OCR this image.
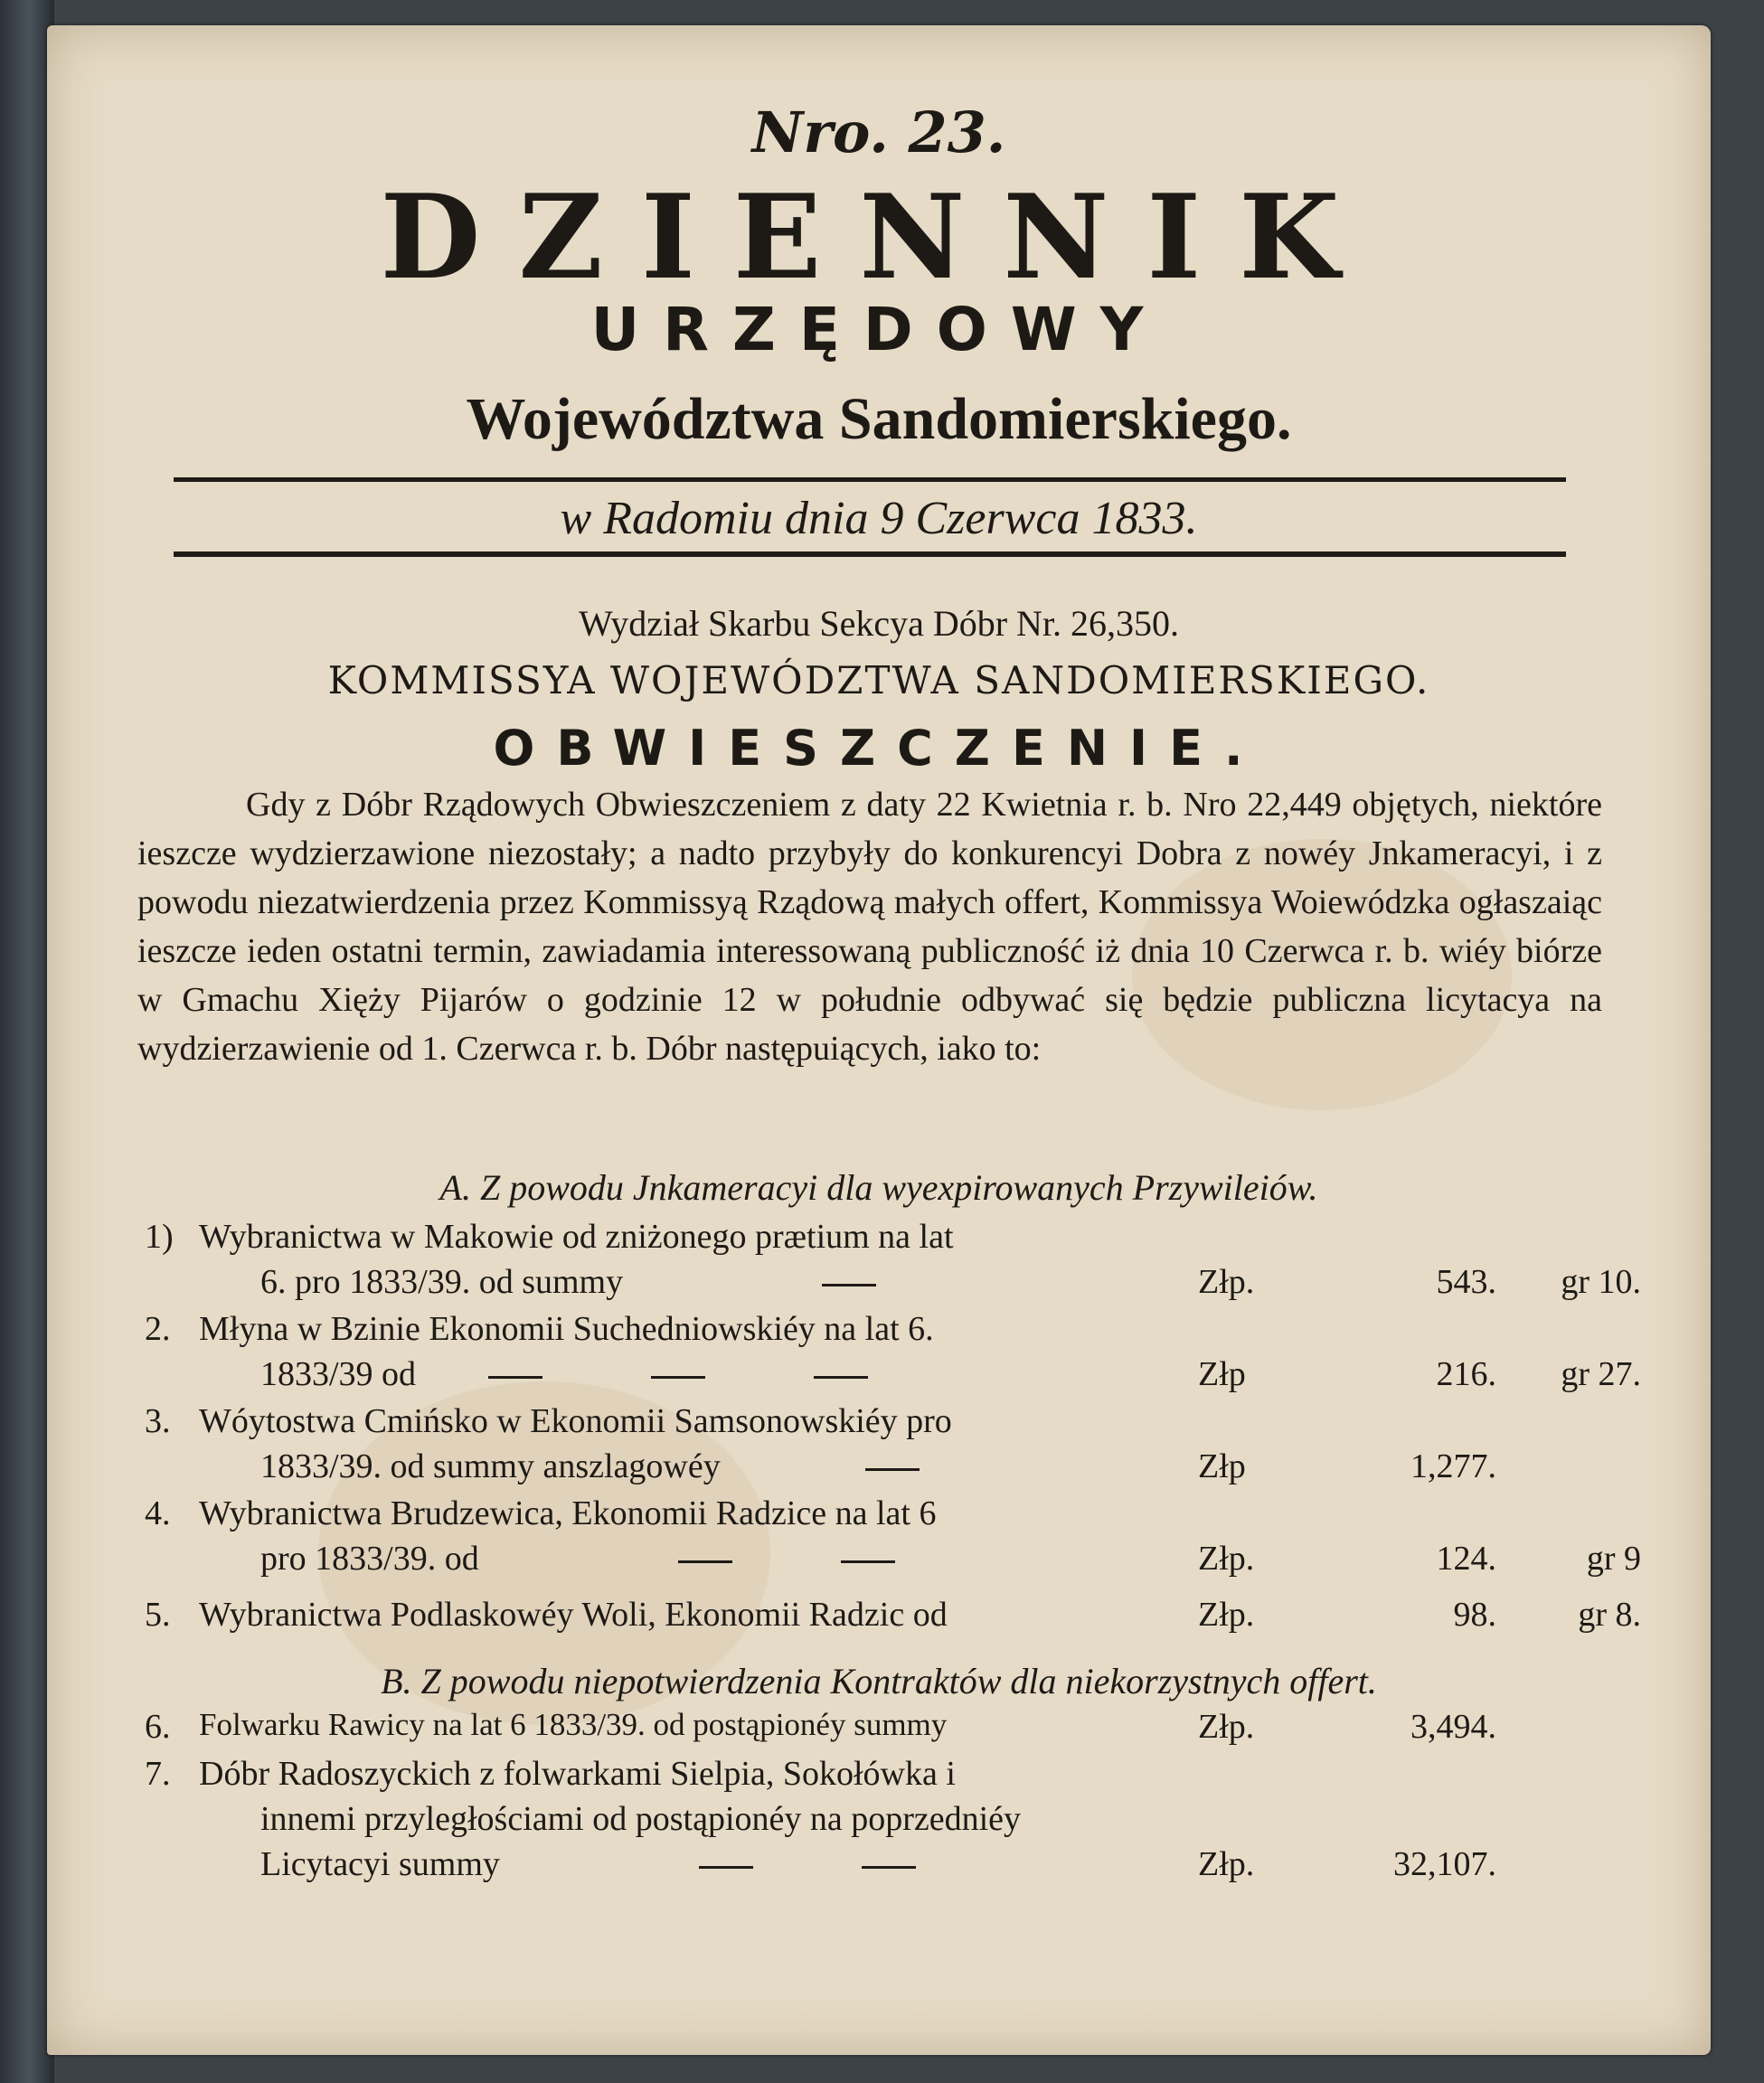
Nro. 23.
DZIENNIK
URZĘDOWY
Województwa Sandomierskiego.
w Radomiu dnia 9 Czerwca 1833.
Wydział Skarbu Sekcya Dóbr Nr. 26,350.
KOMMISSYA WOJEWÓDZTWA SANDOMIERSKIEGO.
OBWIESZCZENIE.
Gdy z Dóbr Rządowych Obwieszczeniem z daty 22 Kwietnia r. b. Nro 22,449 objętych, niektóre ieszcze wydzierzawione niezostały; a nadto przybyły do konkurencyi Dobra z nowéy Jnkameracyi, i z powodu niezatwierdzenia przez Kommissyą Rządową małych offert, Kommissya Woiewódzka ogłaszaiąc ieszcze ieden ostatni termin, zawiadamia interessowaną publiczność iż dnia 10 Czerwca r. b. wiéy biórze w Gmachu Xięży Pijarów o godzinie 12 w południe odbywać się będzie publiczna licytacya na wydzierzawienie od 1. Czerwca r. b. Dóbr następuiących, iako to:
A. Z powodu Jnkameracyi dla wyexpirowanych Przywileiów.
1) Wybranictwa w Makowie od zniżonego prætium na lat
6. pro 1833/39. od summy	Złp.	543. gr 10.
2. Młyna w Bzinie Ekonomii Suchedniowskiéy na lat 6.
1833/39 od	Złp	216. gr 27.
3. Wóytostwa Cmińsko w Ekonomii Samsonowskiéy pro
1833/39. od summy anszlagowéy	Złp	1,277.
4. Wybranictwa Brudzewica, Ekonomii Radzice na lat 6
pro 1833/39. od	Złp.	124.	gr 9
5. Wybranictwa Podlaskowéy Woli, Ekonomii Radzic od	Złp.	98. gr 8.
B. Z powodu niepotwierdzenia Kontraktów dla niekorzystnych offert.
6. Folwarku Rawicy na lat 6 1833/39. od postąpionéy summy	Złp.	3,494.
7. Dóbr Radoszyckich z folwarkami Sielpia, Sokołówka i
innemi przyległościami od postąpionéy na poprzedniéy
Licytacyi summy	Złp.	32,107.
